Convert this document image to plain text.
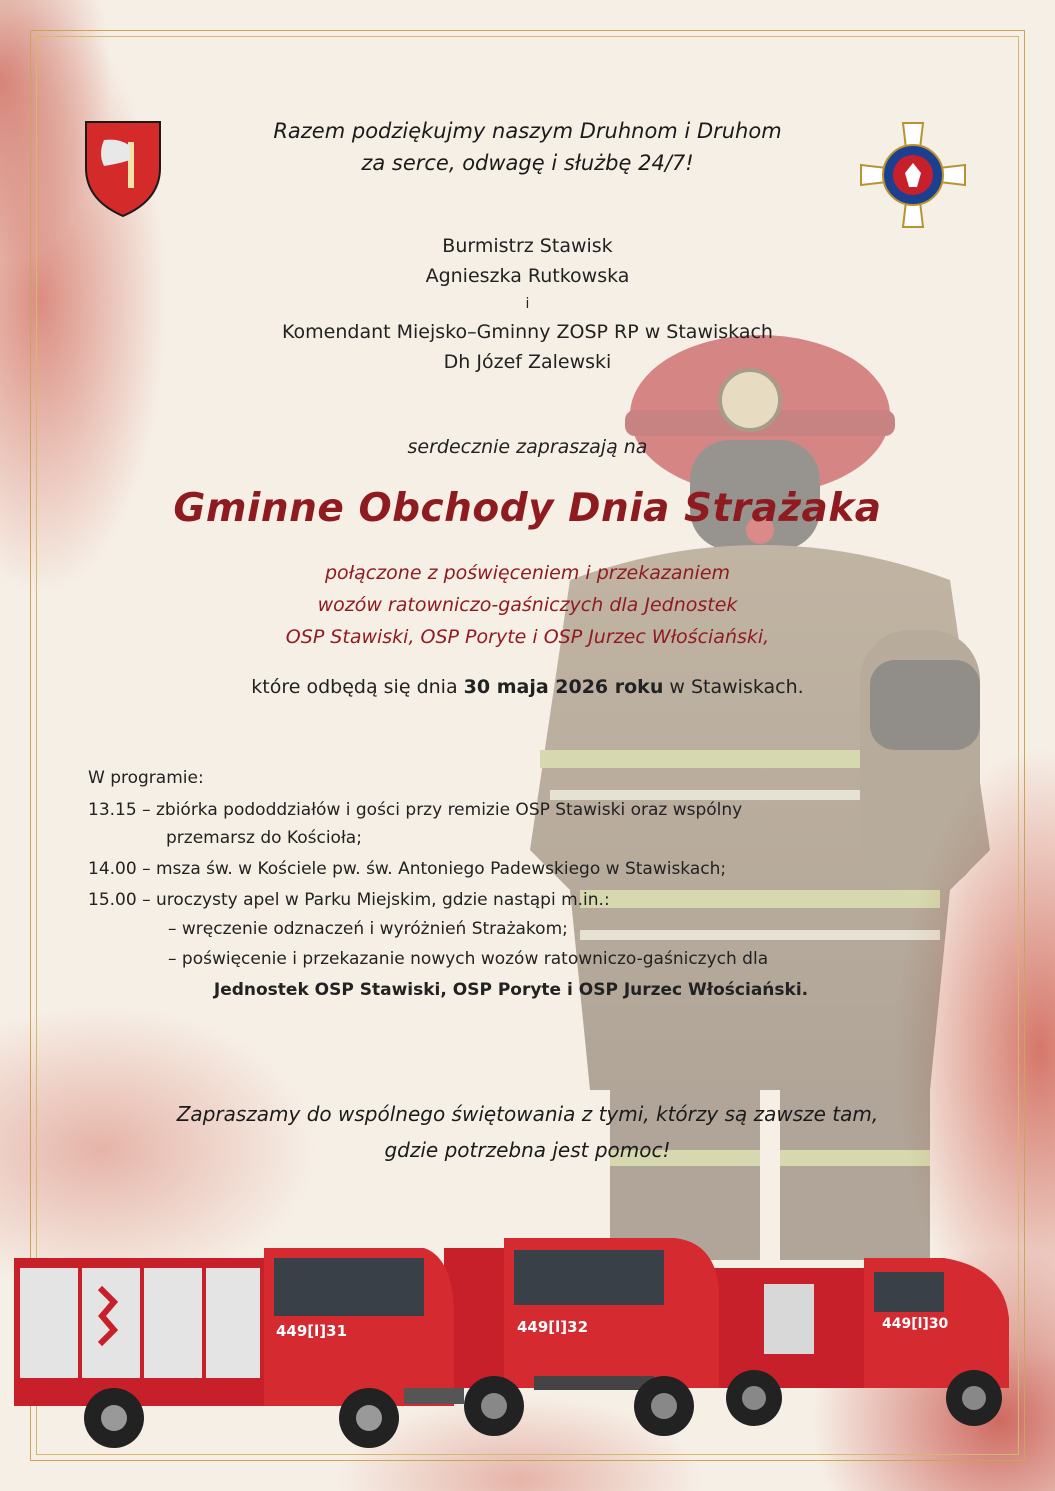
Razem podziękujmy naszym Druhnom i Druhom
za serce, odwagę i służbę 24/7!
Burmistrz Stawisk
Agnieszka Rutkowska
i
Komendant Miejsko–Gminny ZOSP RP w Stawiskach
Dh Józef Zalewski
serdecznie zapraszają na
Gminne Obchody Dnia Strażaka
połączone z poświęceniem i przekazaniem
wozów ratowniczo-gaśniczych dla Jednostek
OSP Stawiski, OSP Poryte i OSP Jurzec Włościański,
które odbędą się dnia 30 maja 2026 roku w Stawiskach.
W programie:
13.15 – zbiórka pododdziałów i gości przy remizie OSP Stawiski oraz wspólny
przemarsz do Kościoła;
14.00 – msza św. w Kościele pw. św. Antoniego Padewskiego w Stawiskach;
15.00 – uroczysty apel w Parku Miejskim, gdzie nastąpi m.in.:
– wręczenie odznaczeń i wyróżnień Strażakom;
– poświęcenie i przekazanie nowych wozów ratowniczo-gaśniczych dla
Jednostek OSP Stawiski, OSP Poryte i OSP Jurzec Włościański.
Zapraszamy do wspólnego świętowania z tymi, którzy są zawsze tam,
gdzie potrzebna jest pomoc!
449[l]30
449[l]32
449[l]31
